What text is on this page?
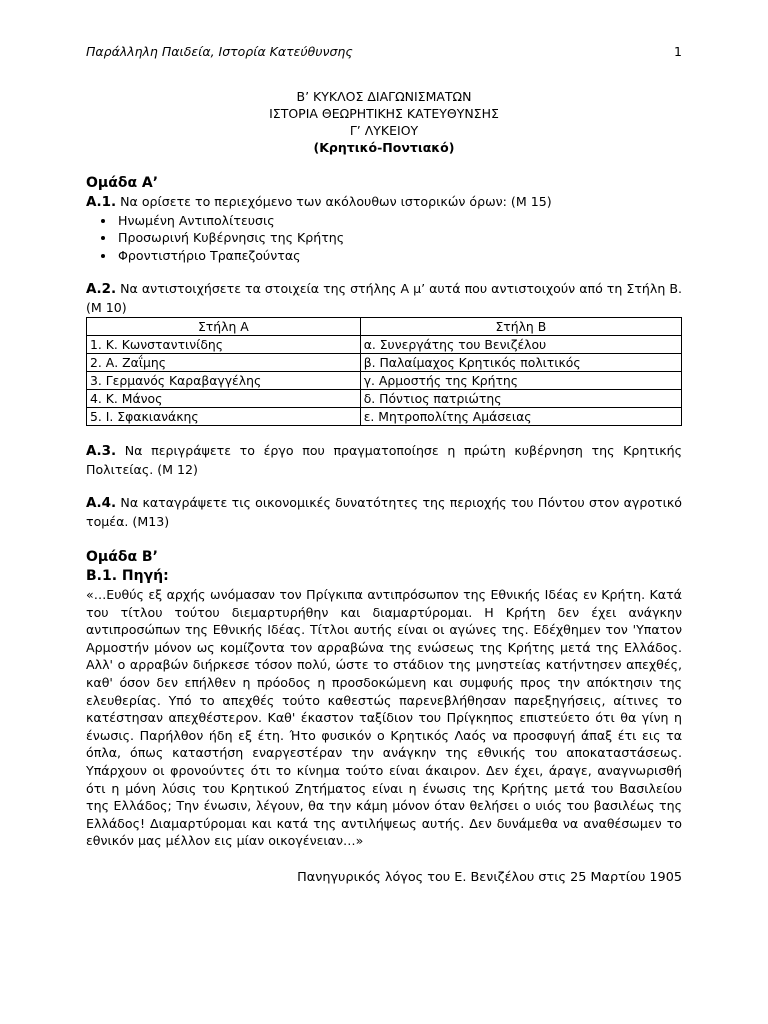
Παράλληλη Παιδεία, Ιστορία Κατεύθυνσης	1
Β’ ΚΥΚΛΟΣ ΔΙΑΓΩΝΙΣΜΑΤΩΝ
ΙΣΤΟΡΙΑ ΘΕΩΡΗΤΙΚΗΣ ΚΑΤΕΥΘΥΝΣΗΣ
Γ’ ΛΥΚΕΙΟΥ
(Κρητικό-Ποντιακό)
Ομάδα Α’
Α.1. Να ορίσετε το περιεχόμενο των ακόλουθων ιστορικών όρων: (Μ 15)
• Ηνωμένη Αντιπολίτευσις
• Προσωρινή Κυβέρνησις της Κρήτης
• Φροντιστήριο Τραπεζούντας
Α.2. Να αντιστοιχήσετε τα στοιχεία της στήλης Α μ’ αυτά που αντιστοιχούν από τη Στήλη Β. (Μ 10)
Στήλη Α	Στήλη Β
1. Κ. Κωνσταντινίδης	α. Συνεργάτης του Βενιζέλου
2. Α. Ζαΐμης	β. Παλαίμαχος Κρητικός πολιτικός
3. Γερμανός Καραβαγγέλης	γ. Αρμοστής της Κρήτης
4. Κ. Μάνος	δ. Πόντιος πατριώτης
5. Ι. Σφακιανάκης	ε. Μητροπολίτης Αμάσειας
Α.3. Να περιγράψετε το έργο που πραγματοποίησε η πρώτη κυβέρνηση της Κρητικής Πολιτείας. (Μ 12)
Α.4. Να καταγράψετε τις οικονομικές δυνατότητες της περιοχής του Πόντου στον αγροτικό τομέα. (Μ13)
Ομάδα Β’
Β.1. Πηγή:
«…Ευθύς εξ αρχής ωνόμασαν τον Πρίγκιπα αντιπρόσωπον της Εθνικής Ιδέας εν Κρήτη. Κατά του τίτλου τούτου διεμαρτυρήθην και διαμαρτύρομαι. Η Κρήτη δεν έχει ανάγκην αντιπροσώπων της Εθνικής Ιδέας. Τίτλοι αυτής είναι οι αγώνες της. Εδέχθημεν τον 'Υπατον Αρμοστήν μόνον ως κομίζοντα τον αρραβώνα της ενώσεως της Κρήτης μετά της Ελλάδος. Αλλ' ο αρραβών διήρκεσε τόσον πολύ, ώστε το στάδιον της μνηστείας κατήντησεν απεχθές, καθ' όσον δεν επήλθεν η πρόοδος η προσδοκώμενη και συμφυής προς την απόκτησιν της ελευθερίας. Υπό το απεχθές τούτο καθεστώς παρενεβλήθησαν παρεξηγήσεις, αίτινες το κατέστησαν απεχθέστερον. Καθ' έκαστον ταξίδιον του Πρίγκηπος επιστεύετο ότι θα γίνη η ένωσις. Παρήλθον ήδη εξ έτη. Ήτο φυσικόν ο Κρητικός Λαός να προσφυγή άπαξ έτι εις τα όπλα, όπως καταστήση εναργεστέραν την ανάγκην της εθνικής του αποκαταστάσεως. Υπάρχουν οι φρονούντες ότι το κίνημα τούτο είναι άκαιρον. Δεν έχει, άραγε, αναγνωρισθή ότι η μόνη λύσις του Κρητικού Ζητήματος είναι η ένωσις της Κρήτης μετά του Βασιλείου της Ελλάδος; Την ένωσιν, λέγουν, θα την κάμη μόνον όταν θελήσει ο υιός του βασιλέως της Ελλάδος! Διαμαρτύρομαι και κατά της αντιλήψεως αυτής. Δεν δυνάμεθα να αναθέσωμεν το εθνικόν μας μέλλον εις μίαν οικογένειαν…»
Πανηγυρικός λόγος του Ε. Βενιζέλου στις 25 Μαρτίου 1905
